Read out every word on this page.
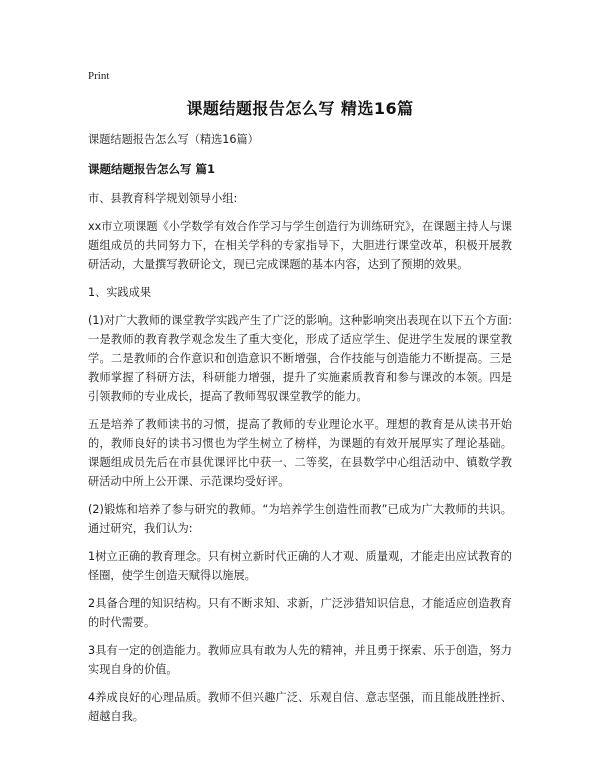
Print
课题结题报告怎么写 精选16篇

课题结题报告怎么写（精选16篇）

课题结题报告怎么写 篇1

市、县教育科学规划领导小组:

xx市立项课题《小学数学有效合作学习与学生创造行为训练研究》，在课题主持人与课题组成员的共同努力下，在相关学科的专家指导下，大胆进行课堂改革，积极开展教研活动，大量撰写教研论文，现已完成课题的基本内容，达到了预期的效果。

1、实践成果

(1)对广大教师的课堂教学实践产生了广泛的影响。这种影响突出表现在以下五个方面:一是教师的教育教学观念发生了重大变化，形成了适应学生、促进学生发展的课堂教学。二是教师的合作意识和创造意识不断增强，合作技能与创造能力不断提高。三是教师掌握了科研方法，科研能力增强，提升了实施素质教育和参与课改的本领。四是引领教师的专业成长，提高了教师驾驭课堂教学的能力。

五是培养了教师读书的习惯，提高了教师的专业理论水平。理想的教育是从读书开始的，教师良好的读书习惯也为学生树立了榜样，为课题的有效开展厚实了理论基础。课题组成员先后在市县优课评比中获一、二等奖，在县数学中心组活动中、镇数学教研活动中所上公开课、示范课均受好评。

(2)锻炼和培养了参与研究的教师。“为培养学生创造性而教”已成为广大教师的共识。通过研究，我们认为:

1树立正确的教育理念。只有树立新时代正确的人才观、质量观，才能走出应试教育的怪圈，使学生创造天赋得以施展。

2具备合理的知识结构。只有不断求知、求新，广泛涉猎知识信息，才能适应创造教育的时代需要。

3具有一定的创造能力。教师应具有敢为人先的精神，并且勇于探索、乐于创造，努力实现自身的价值。

4养成良好的心理品质。教师不但兴趣广泛、乐观自信、意志坚强，而且能战胜挫折、超越自我。
